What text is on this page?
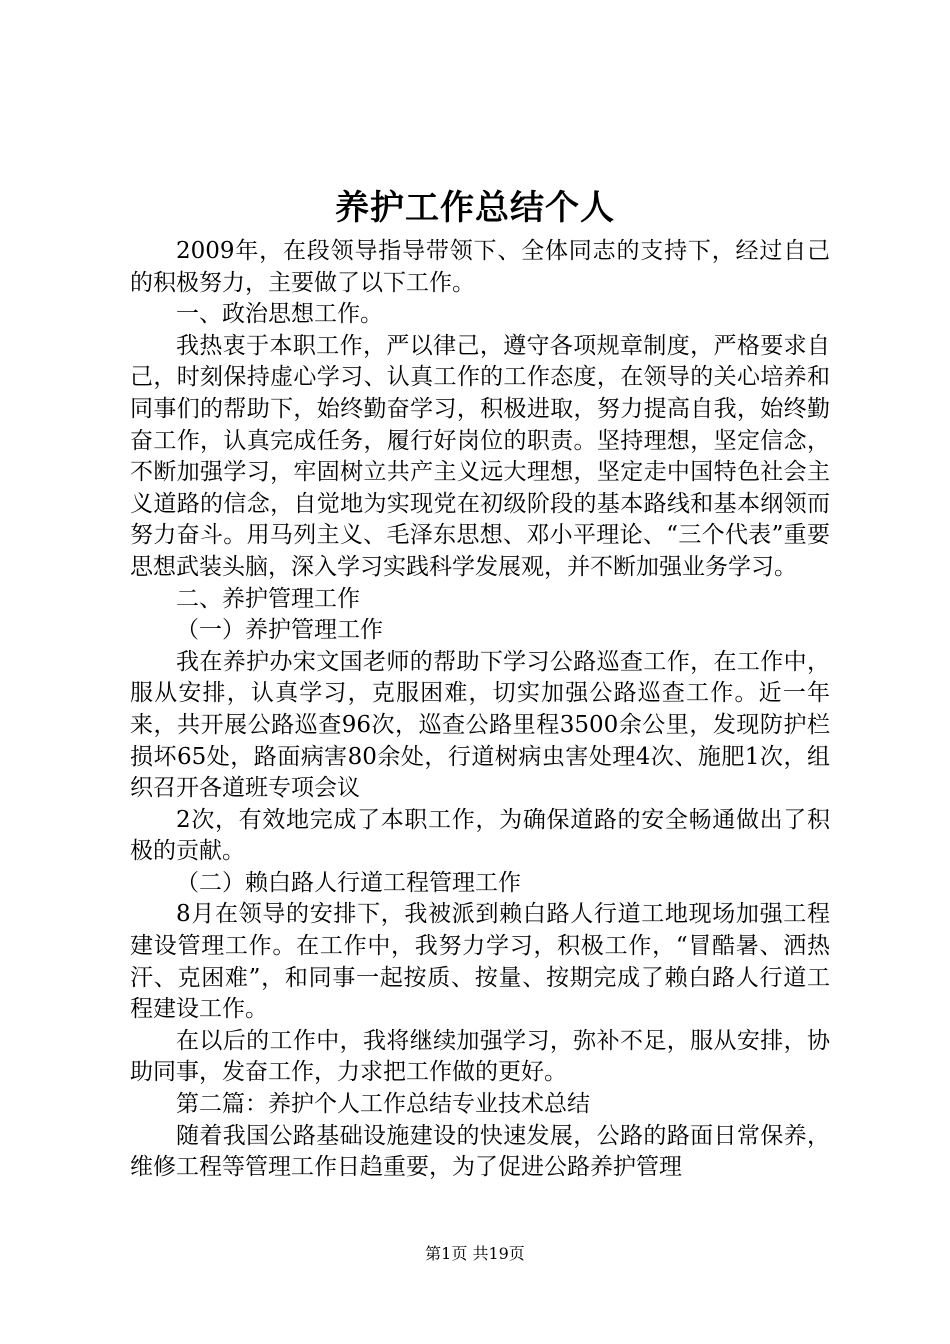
养护工作总结个人

2009年，在段领导指导带领下、全体同志的支持下，经过自己的积极努力，主要做了以下工作。

一、政治思想工作。

我热衷于本职工作，严以律己，遵守各项规章制度，严格要求自己，时刻保持虚心学习、认真工作的工作态度，在领导的关心培养和同事们的帮助下，始终勤奋学习，积极进取，努力提高自我，始终勤奋工作，认真完成任务，履行好岗位的职责。坚持理想，坚定信念，不断加强学习，牢固树立共产主义远大理想，坚定走中国特色社会主义道路的信念，自觉地为实现党在初级阶段的基本路线和基本纲领而努力奋斗。用马列主义、毛泽东思想、邓小平理论、“三个代表”重要思想武装头脑，深入学习实践科学发展观，并不断加强业务学习。

二、养护管理工作

（一）养护管理工作

我在养护办宋文国老师的帮助下学习公路巡查工作，在工作中，服从安排，认真学习，克服困难，切实加强公路巡查工作。近一年来，共开展公路巡查96次，巡查公路里程3500余公里，发现防护栏损坏65处，路面病害80余处，行道树病虫害处理4次、施肥1次，组织召开各道班专项会议

2次，有效地完成了本职工作，为确保道路的安全畅通做出了积极的贡献。

（二）赖白路人行道工程管理工作

8月在领导的安排下，我被派到赖白路人行道工地现场加强工程建设管理工作。在工作中，我努力学习，积极工作，“冒酷暑、洒热汗、克困难”，和同事一起按质、按量、按期完成了赖白路人行道工程建设工作。

在以后的工作中，我将继续加强学习，弥补不足，服从安排，协助同事，发奋工作，力求把工作做的更好。

第二篇：养护个人工作总结专业技术总结

随着我国公路基础设施建设的快速发展，公路的路面日常保养，维修工程等管理工作日趋重要，为了促进公路养护管理

第1页 共19页
